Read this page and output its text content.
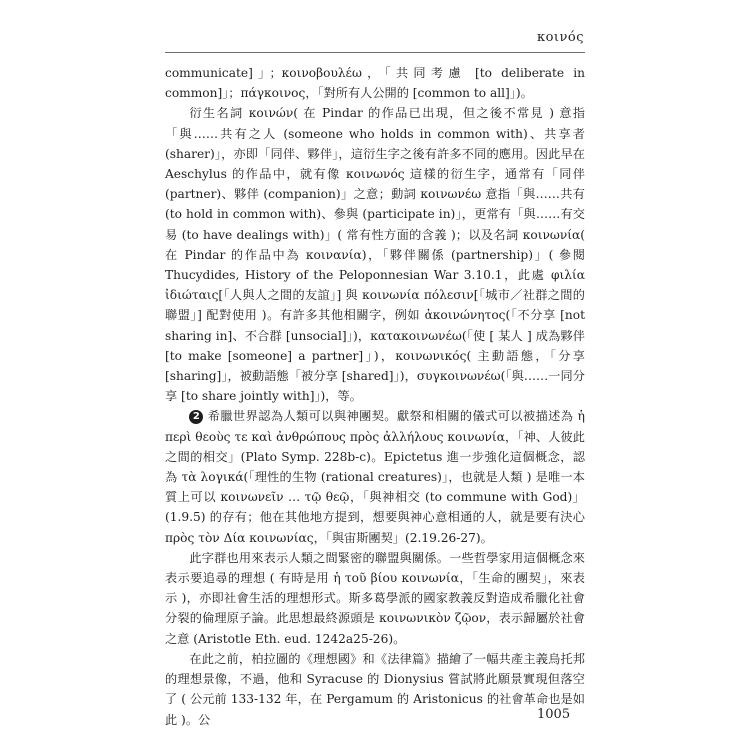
κοινός

communicate]」；κοινοβουλέω，「共同考慮 [to deliberate in common]」；πάγκοινος，「對所有人公開的 [common to all]」)。

衍生名詞 κοινών( 在 Pindar 的作品已出現，但之後不常見 ) 意指「與……共有之人 (someone who holds in common with)、共享者 (sharer)」，亦即「同伴、夥伴」，這衍生字之後有許多不同的應用。因此早在 Aeschylus 的作品中，就有像 κοινωνός 這樣的衍生字，通常有「同伴 (partner)、夥伴 (companion)」之意；動詞 κοινωνέω 意指「與……共有 (to hold in common with)、參與 (participate in)」，更常有「與……有交易 (to have dealings with)」( 常有性方面的含義 )；以及名詞 κοινωνία( 在 Pindar 的作品中為 κοινανία)，「夥伴關係 (partnership)」( 參閱 Thucydides, History of the Peloponnesian War 3.10.1，此處 φιλία ἰδιώταις[「人與人之間的友誼」] 與 κοινωνία πόλεσιν[「城市／社群之間的聯盟」] 配對使用 )。有許多其他相關字，例如 ἀκοινώνητος(「不分享 [not sharing in]、不合群 [unsocial]」)，κατακοινωνέω(「使 [ 某人 ] 成為夥伴 [to make [someone] a partner]」)，κοινωνικός( 主動語態，「分享 [sharing]」，被動語態「被分享 [shared]」)，συγκοινωνέω(「與……一同分享 [to share jointly with]」)，等。

2 希臘世界認為人類可以與神團契。獻祭和相關的儀式可以被描述為 ἡ περὶ θεοὺς τε καὶ ἀνθρώπους πρὸς ἀλλήλους κοινωνία，「神、人彼此之間的相交」(Plato Symp. 228b-c)。Epictetus 進一步強化這個概念，認為 τὰ λογικά(「理性的生物 (rational creatures)」，也就是人類 ) 是唯一本質上可以 κοινωνεῖν … τῷ θεῷ，「與神相交 (to commune with God)」(1.9.5) 的存有；他在其他地方提到，想要與神心意相通的人，就是要有決心 πρὸς τὸν Δία κοινωνίας，「與宙斯團契」(2.19.26-27)。

此字群也用來表示人類之間緊密的聯盟與關係。一些哲學家用這個概念來表示要追尋的理想 ( 有時是用 ἡ τοῦ βίου κοινωνία，「生命的團契」，來表示 )，亦即社會生活的理想形式。斯多葛學派的國家教義反對造成希臘化社會分裂的倫理原子論。此思想最終源頭是 κοινωνικὸν ζῷον，表示歸屬於社會之意 (Aristotle Eth. eud. 1242a25-26)。

在此之前，柏拉圖的《理想國》和《法律篇》描繪了一幅共產主義烏托邦的理想景像，不過，他和 Syracuse 的 Dionysius 嘗試將此願景實現但落空了 ( 公元前 133-132 年，在 Pergamum 的 Aristonicus 的社會革命也是如此 )。公	1005
